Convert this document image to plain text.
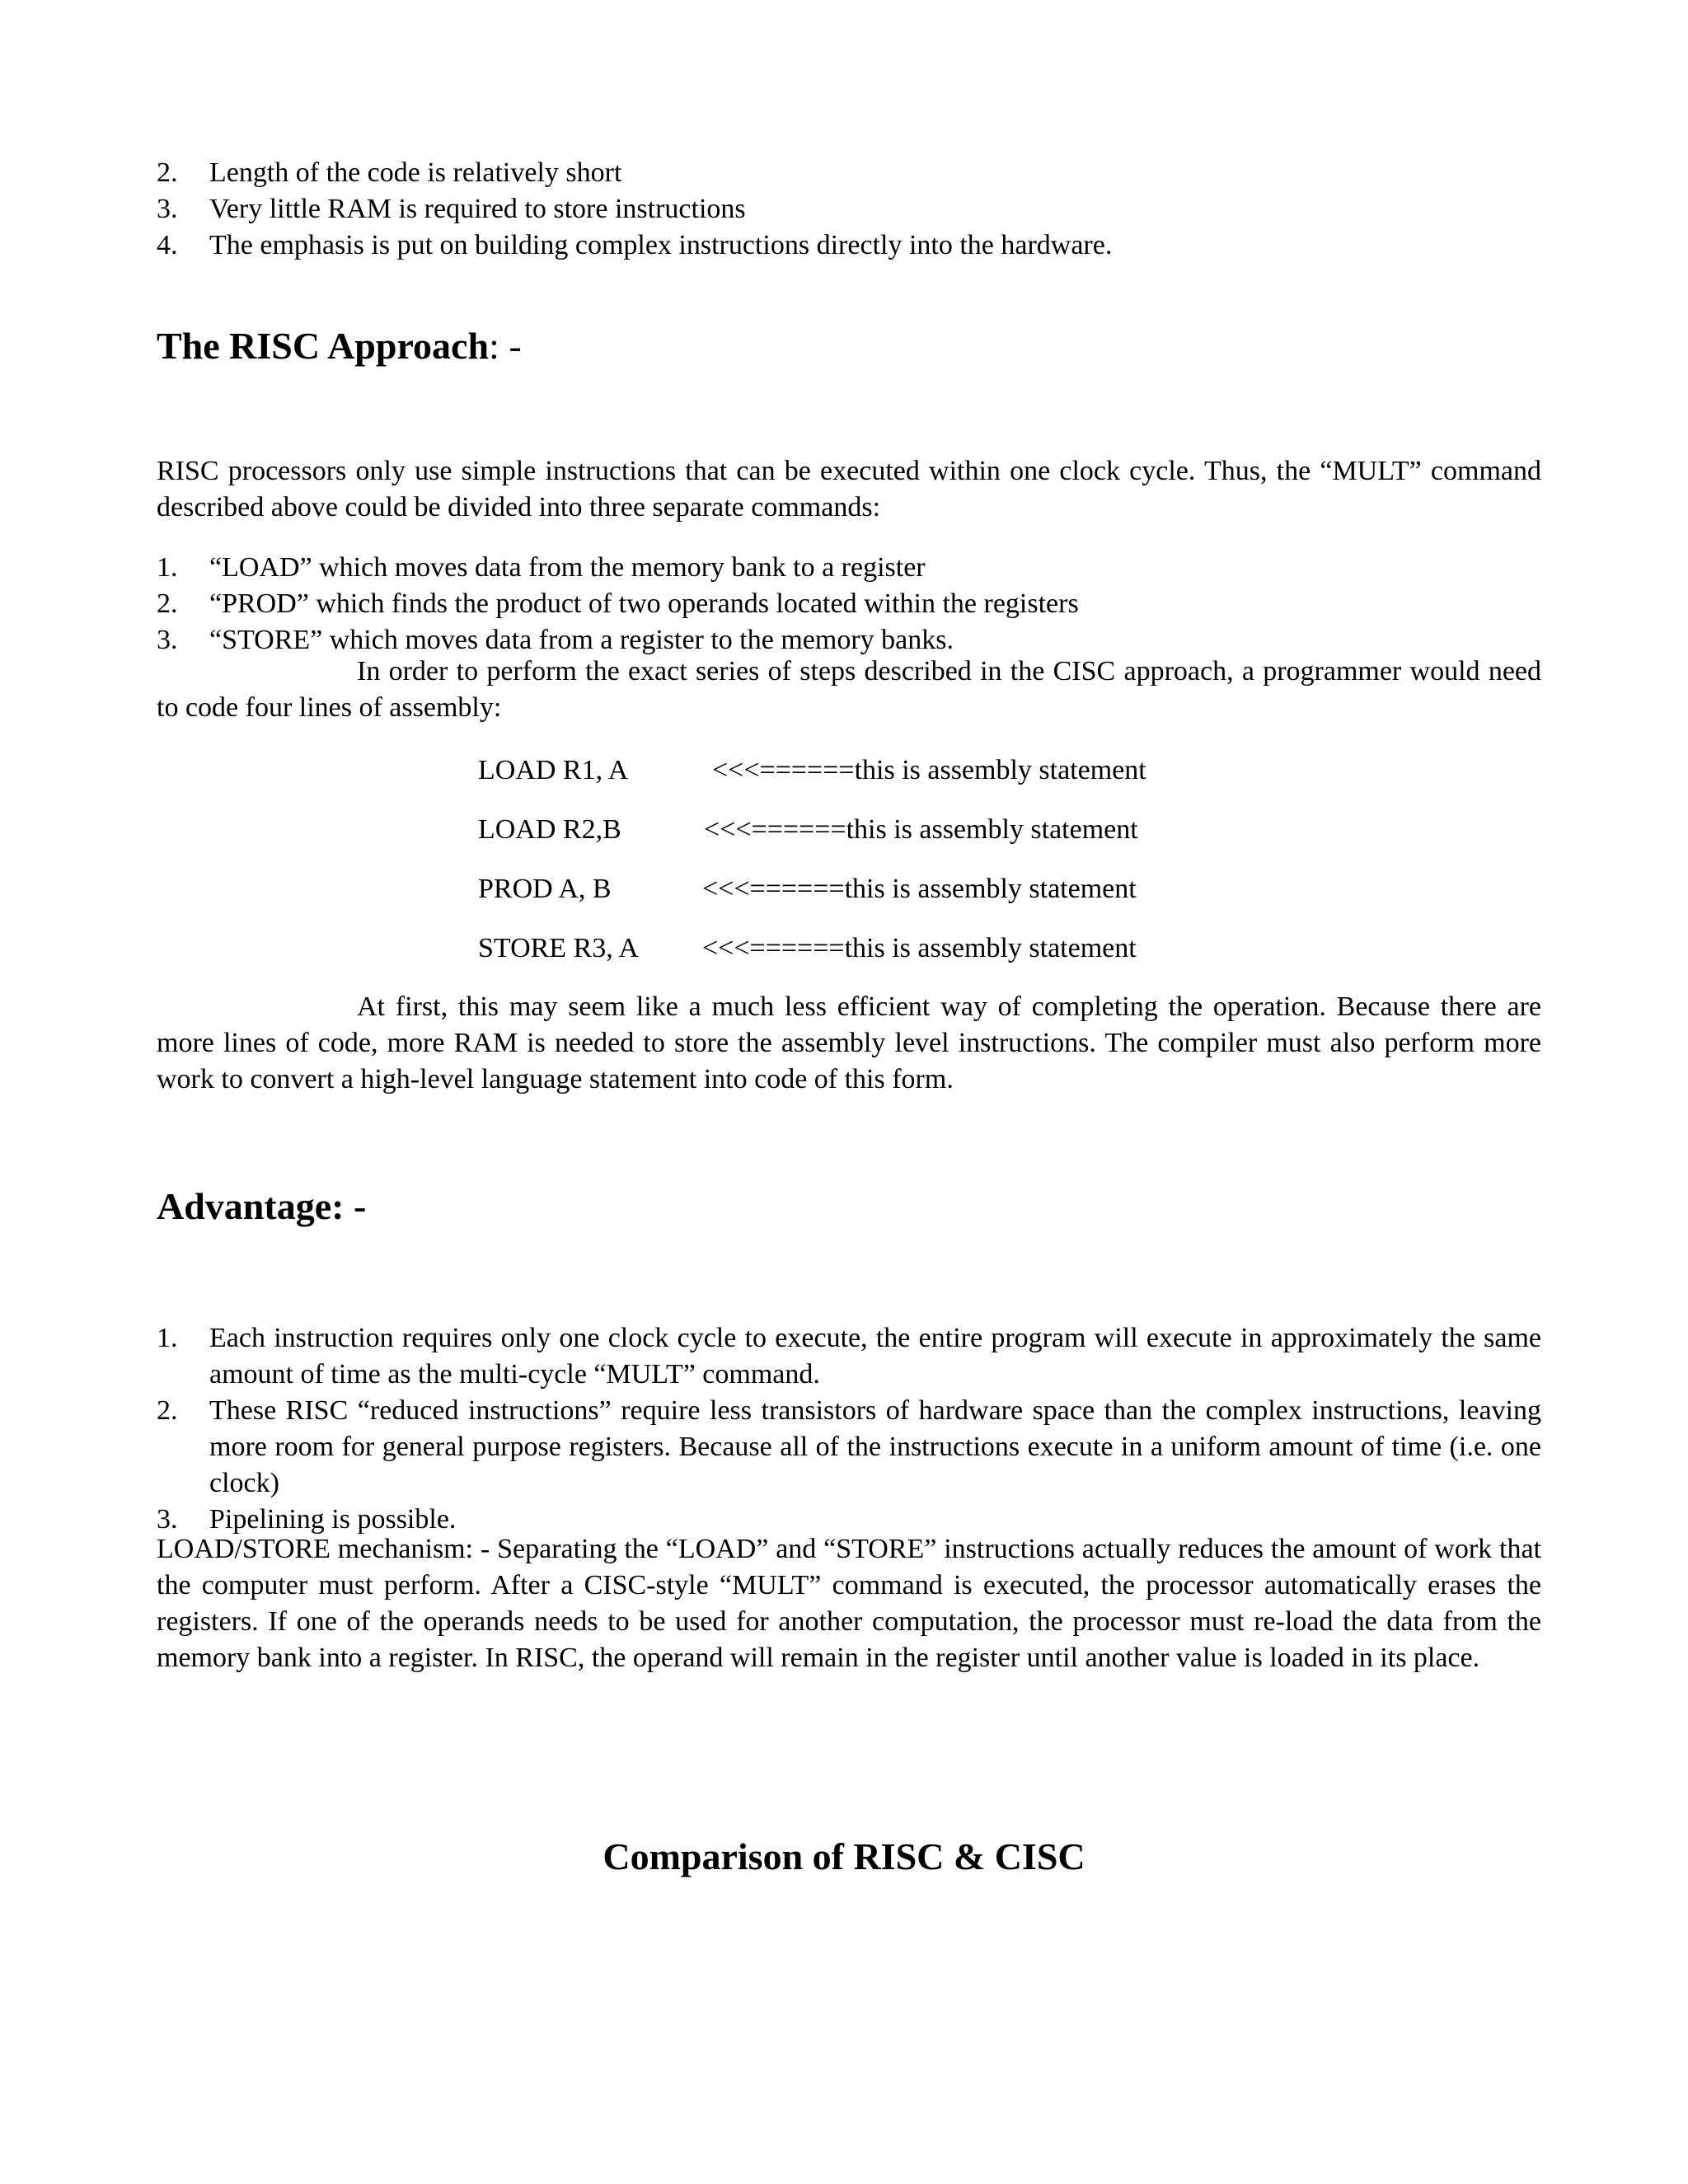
2.	Length of the code is relatively short
3.	Very little RAM is required to store instructions
4.	The emphasis is put on building complex instructions directly into the hardware.
The RISC Approach: -

RISC processors only use simple instructions that can be executed within one clock cycle. Thus, the “MULT” command described above could be divided into three separate commands:

1.	“LOAD” which moves data from the memory bank to a register
2.	“PROD” which finds the product of two operands located within the registers
3.	“STORE” which moves data from a register to the memory banks.

In order to perform the exact series of steps described in the CISC approach, a programmer would need to code four lines of assembly:

LOAD R1, A	<<<======this is assembly statement
LOAD R2,B	<<<======this is assembly statement
PROD A, B	<<<======this is assembly statement
STORE R3, A <<<======this is assembly statement

At first, this may seem like a much less efficient way of completing the operation. Because there are more lines of code, more RAM is needed to store the assembly level instructions. The compiler must also perform more work to convert a high-level language statement into code of this form.

Advantage: -
1.	Each instruction requires only one clock cycle to execute, the entire program will execute in approximately the same amount of time as the multi-cycle “MULT” command.
2.	These RISC “reduced instructions” require less transistors of hardware space than the complex instructions, leaving more room for general purpose registers. Because all of the instructions execute in a uniform amount of time (i.e. one clock)
3.	Pipelining is possible.

LOAD/STORE mechanism: - Separating the “LOAD” and “STORE” instructions actually reduces the amount of work that the computer must perform. After a CISC-style “MULT” command is executed, the processor automatically erases the registers. If one of the operands needs to be used for another computation, the processor must re-load the data from the memory bank into a register. In RISC, the operand will remain in the register until another value is loaded in its place.

Comparison of RISC & CISC
